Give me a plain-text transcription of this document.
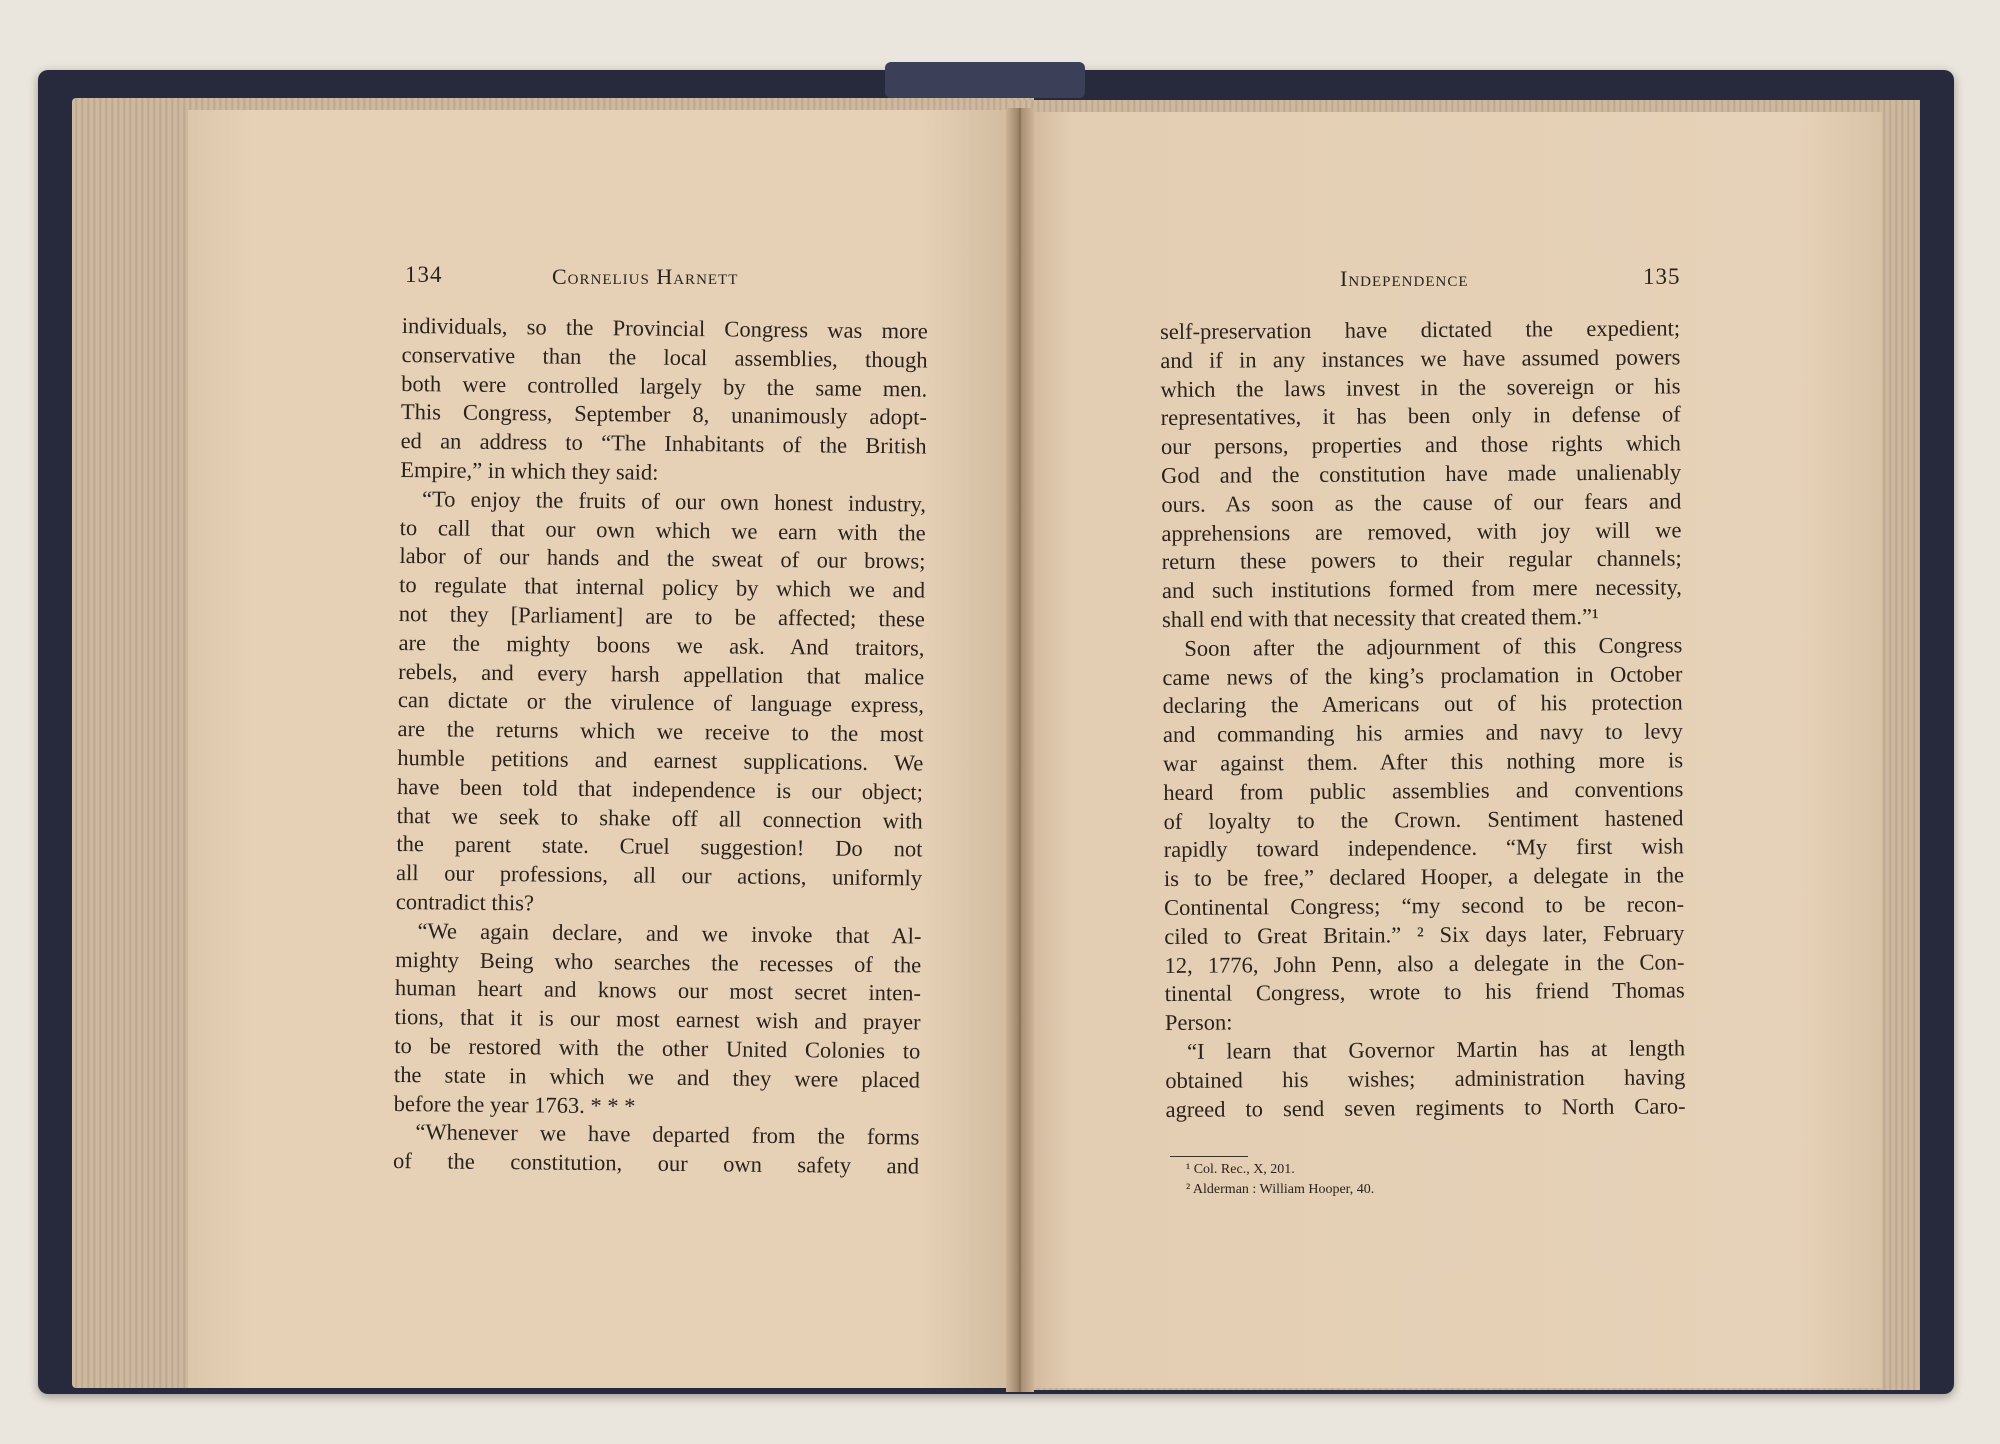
134	Cornelius Harnett	Independence	135
individuals, so the Provincial Congress was more
conservative than the local assemblies, though
both were controlled largely by the same men.
This Congress, September 8, unanimously adopt-
ed an address to “The Inhabitants of the British
Empire,” in which they said:
“To enjoy the fruits of our own honest industry,
to call that our own which we earn with the
labor of our hands and the sweat of our brows;
to regulate that internal policy by which we and
not they [Parliament] are to be affected; these
are the mighty boons we ask. And traitors,
rebels, and every harsh appellation that malice
can dictate or the virulence of language express,
are the returns which we receive to the most
humble petitions and earnest supplications. We
have been told that independence is our object;
that we seek to shake off all connection with
the parent state. Cruel suggestion! Do not
all our professions, all our actions, uniformly
contradict this?
“We again declare, and we invoke that Al-
mighty Being who searches the recesses of the
human heart and knows our most secret inten-
tions, that it is our most earnest wish and prayer
to be restored with the other United Colonies to
the state in which we and they were placed
before the year 1763. * * *
“Whenever we have departed from the forms
of the constitution, our own safety and
self-preservation have dictated the expedient;
and if in any instances we have assumed powers
which the laws invest in the sovereign or his
representatives, it has been only in defense of
our persons, properties and those rights which
God and the constitution have made unalienably
ours. As soon as the cause of our fears and
apprehensions are removed, with joy will we
return these powers to their regular channels;
and such institutions formed from mere necessity,
shall end with that necessity that created them.”¹
Soon after the adjournment of this Congress
came news of the king’s proclamation in October
declaring the Americans out of his protection
and commanding his armies and navy to levy
war against them. After this nothing more is
heard from public assemblies and conventions
of loyalty to the Crown. Sentiment hastened
rapidly toward independence. “My first wish
is to be free,” declared Hooper, a delegate in the
Continental Congress; “my second to be recon-
ciled to Great Britain.” ² Six days later, February
12, 1776, John Penn, also a delegate in the Con-
tinental Congress, wrote to his friend Thomas
Person:
“I learn that Governor Martin has at length
obtained his wishes; administration having
agreed to send seven regiments to North Caro-
¹ Col. Rec., X, 201.
² Alderman : William Hooper, 40.
